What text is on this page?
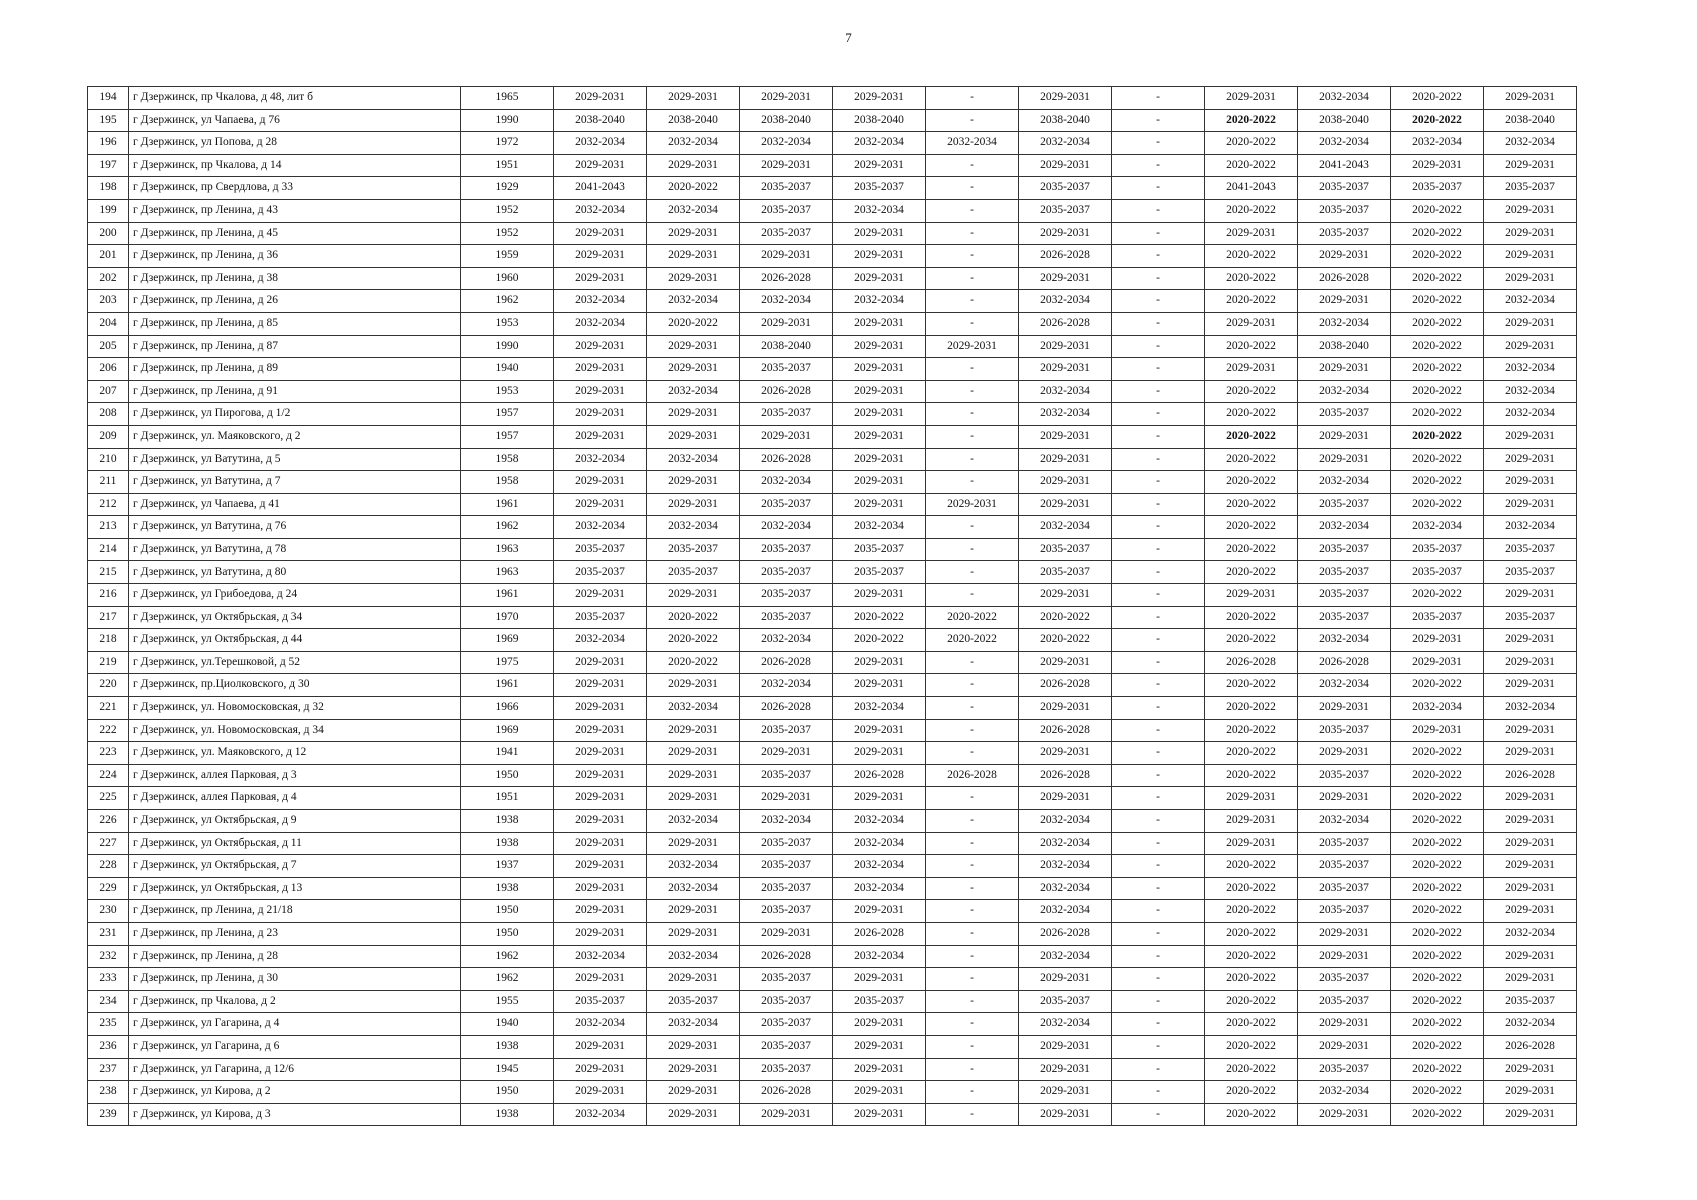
7
194	г Дзержинск, пр Чкалова, д 48, лит б	1965	2029-2031	2029-2031	2029-2031	2029-2031	-	2029-2031	-	2029-2031	2032-2034	2020-2022	2029-2031
195	г Дзержинск, ул Чапаева, д 76	1990	2038-2040	2038-2040	2038-2040	2038-2040	-	2038-2040	-	2020-2022	2038-2040	2020-2022	2038-2040
196	г Дзержинск, ул Попова, д 28	1972	2032-2034	2032-2034	2032-2034	2032-2034	2032-2034	2032-2034	-	2020-2022	2032-2034	2032-2034	2032-2034
197	г Дзержинск, пр Чкалова, д 14	1951	2029-2031	2029-2031	2029-2031	2029-2031	-	2029-2031	-	2020-2022	2041-2043	2029-2031	2029-2031
198	г Дзержинск, пр Свердлова, д 33	1929	2041-2043	2020-2022	2035-2037	2035-2037	-	2035-2037	-	2041-2043	2035-2037	2035-2037	2035-2037
199	г Дзержинск, пр Ленина, д 43	1952	2032-2034	2032-2034	2035-2037	2032-2034	-	2035-2037	-	2020-2022	2035-2037	2020-2022	2029-2031
200	г Дзержинск, пр Ленина, д 45	1952	2029-2031	2029-2031	2035-2037	2029-2031	-	2029-2031	-	2029-2031	2035-2037	2020-2022	2029-2031
201	г Дзержинск, пр Ленина, д 36	1959	2029-2031	2029-2031	2029-2031	2029-2031	-	2026-2028	-	2020-2022	2029-2031	2020-2022	2029-2031
202	г Дзержинск, пр Ленина, д 38	1960	2029-2031	2029-2031	2026-2028	2029-2031	-	2029-2031	-	2020-2022	2026-2028	2020-2022	2029-2031
203	г Дзержинск, пр Ленина, д 26	1962	2032-2034	2032-2034	2032-2034	2032-2034	-	2032-2034	-	2020-2022	2029-2031	2020-2022	2032-2034
204	г Дзержинск, пр Ленина, д 85	1953	2032-2034	2020-2022	2029-2031	2029-2031	-	2026-2028	-	2029-2031	2032-2034	2020-2022	2029-2031
205	г Дзержинск, пр Ленина, д 87	1990	2029-2031	2029-2031	2038-2040	2029-2031	2029-2031	2029-2031	-	2020-2022	2038-2040	2020-2022	2029-2031
206	г Дзержинск, пр Ленина, д 89	1940	2029-2031	2029-2031	2035-2037	2029-2031	-	2029-2031	-	2029-2031	2029-2031	2020-2022	2032-2034
207	г Дзержинск, пр Ленина, д 91	1953	2029-2031	2032-2034	2026-2028	2029-2031	-	2032-2034	-	2020-2022	2032-2034	2020-2022	2032-2034
208	г Дзержинск, ул Пирогова, д 1/2	1957	2029-2031	2029-2031	2035-2037	2029-2031	-	2032-2034	-	2020-2022	2035-2037	2020-2022	2032-2034
209	г Дзержинск, ул. Маяковского, д 2	1957	2029-2031	2029-2031	2029-2031	2029-2031	-	2029-2031	-	2020-2022	2029-2031	2020-2022	2029-2031
210	г Дзержинск, ул Ватутина, д 5	1958	2032-2034	2032-2034	2026-2028	2029-2031	-	2029-2031	-	2020-2022	2029-2031	2020-2022	2029-2031
211	г Дзержинск, ул Ватутина, д 7	1958	2029-2031	2029-2031	2032-2034	2029-2031	-	2029-2031	-	2020-2022	2032-2034	2020-2022	2029-2031
212	г Дзержинск, ул Чапаева, д 41	1961	2029-2031	2029-2031	2035-2037	2029-2031	2029-2031	2029-2031	-	2020-2022	2035-2037	2020-2022	2029-2031
213	г Дзержинск, ул Ватутина, д 76	1962	2032-2034	2032-2034	2032-2034	2032-2034	-	2032-2034	-	2020-2022	2032-2034	2032-2034	2032-2034
214	г Дзержинск, ул Ватутина, д 78	1963	2035-2037	2035-2037	2035-2037	2035-2037	-	2035-2037	-	2020-2022	2035-2037	2035-2037	2035-2037
215	г Дзержинск, ул Ватутина, д 80	1963	2035-2037	2035-2037	2035-2037	2035-2037	-	2035-2037	-	2020-2022	2035-2037	2035-2037	2035-2037
216	г Дзержинск, ул Грибоедова, д 24	1961	2029-2031	2029-2031	2035-2037	2029-2031	-	2029-2031	-	2029-2031	2035-2037	2020-2022	2029-2031
217	г Дзержинск, ул Октябрьская, д 34	1970	2035-2037	2020-2022	2035-2037	2020-2022	2020-2022	2020-2022	-	2020-2022	2035-2037	2035-2037	2035-2037
218	г Дзержинск, ул Октябрьская, д 44	1969	2032-2034	2020-2022	2032-2034	2020-2022	2020-2022	2020-2022	-	2020-2022	2032-2034	2029-2031	2029-2031
219	г Дзержинск, ул.Терешковой, д 52	1975	2029-2031	2020-2022	2026-2028	2029-2031	-	2029-2031	-	2026-2028	2026-2028	2029-2031	2029-2031
220	г Дзержинск, пр.Циолковского, д 30	1961	2029-2031	2029-2031	2032-2034	2029-2031	-	2026-2028	-	2020-2022	2032-2034	2020-2022	2029-2031
221	г Дзержинск, ул. Новомосковская, д 32	1966	2029-2031	2032-2034	2026-2028	2032-2034	-	2029-2031	-	2020-2022	2029-2031	2032-2034	2032-2034
222	г Дзержинск, ул. Новомосковская, д 34	1969	2029-2031	2029-2031	2035-2037	2029-2031	-	2026-2028	-	2020-2022	2035-2037	2029-2031	2029-2031
223	г Дзержинск, ул. Маяковского, д 12	1941	2029-2031	2029-2031	2029-2031	2029-2031	-	2029-2031	-	2020-2022	2029-2031	2020-2022	2029-2031
224	г Дзержинск, аллея Парковая, д 3	1950	2029-2031	2029-2031	2035-2037	2026-2028	2026-2028	2026-2028	-	2020-2022	2035-2037	2020-2022	2026-2028
225	г Дзержинск, аллея Парковая, д 4	1951	2029-2031	2029-2031	2029-2031	2029-2031	-	2029-2031	-	2029-2031	2029-2031	2020-2022	2029-2031
226	г Дзержинск, ул Октябрьская, д 9	1938	2029-2031	2032-2034	2032-2034	2032-2034	-	2032-2034	-	2029-2031	2032-2034	2020-2022	2029-2031
227	г Дзержинск, ул Октябрьская, д 11	1938	2029-2031	2029-2031	2035-2037	2032-2034	-	2032-2034	-	2029-2031	2035-2037	2020-2022	2029-2031
228	г Дзержинск, ул Октябрьская, д 7	1937	2029-2031	2032-2034	2035-2037	2032-2034	-	2032-2034	-	2020-2022	2035-2037	2020-2022	2029-2031
229	г Дзержинск, ул Октябрьская, д 13	1938	2029-2031	2032-2034	2035-2037	2032-2034	-	2032-2034	-	2020-2022	2035-2037	2020-2022	2029-2031
230	г Дзержинск, пр Ленина, д 21/18	1950	2029-2031	2029-2031	2035-2037	2029-2031	-	2032-2034	-	2020-2022	2035-2037	2020-2022	2029-2031
231	г Дзержинск, пр Ленина, д 23	1950	2029-2031	2029-2031	2029-2031	2026-2028	-	2026-2028	-	2020-2022	2029-2031	2020-2022	2032-2034
232	г Дзержинск, пр Ленина, д 28	1962	2032-2034	2032-2034	2026-2028	2032-2034	-	2032-2034	-	2020-2022	2029-2031	2020-2022	2029-2031
233	г Дзержинск, пр Ленина, д 30	1962	2029-2031	2029-2031	2035-2037	2029-2031	-	2029-2031	-	2020-2022	2035-2037	2020-2022	2029-2031
234	г Дзержинск, пр Чкалова, д 2	1955	2035-2037	2035-2037	2035-2037	2035-2037	-	2035-2037	-	2020-2022	2035-2037	2020-2022	2035-2037
235	г Дзержинск, ул Гагарина, д 4	1940	2032-2034	2032-2034	2035-2037	2029-2031	-	2032-2034	-	2020-2022	2029-2031	2020-2022	2032-2034
236	г Дзержинск, ул Гагарина, д 6	1938	2029-2031	2029-2031	2035-2037	2029-2031	-	2029-2031	-	2020-2022	2029-2031	2020-2022	2026-2028
237	г Дзержинск, ул Гагарина, д 12/6	1945	2029-2031	2029-2031	2035-2037	2029-2031	-	2029-2031	-	2020-2022	2035-2037	2020-2022	2029-2031
238	г Дзержинск, ул Кирова, д 2	1950	2029-2031	2029-2031	2026-2028	2029-2031	-	2029-2031	-	2020-2022	2032-2034	2020-2022	2029-2031
239	г Дзержинск, ул Кирова, д 3	1938	2032-2034	2029-2031	2029-2031	2029-2031	-	2029-2031	-	2020-2022	2029-2031	2020-2022	2029-2031
